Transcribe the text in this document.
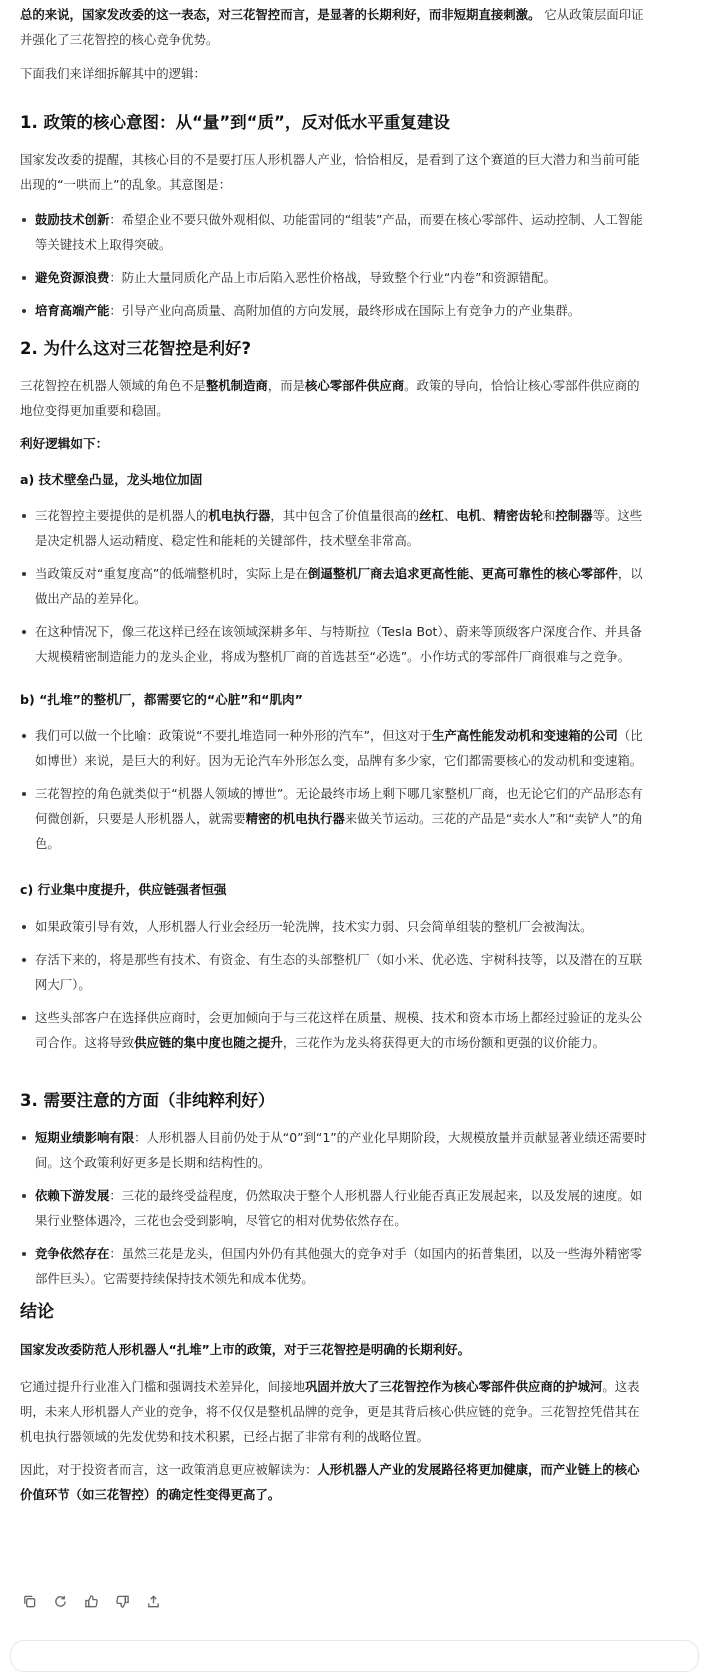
总的来说，国家发改委的这一表态，对三花智控而言，是显著的长期利好，而非短期直接刺激。 它从政策层面印证并强化了三花智控的核心竞争优势。

下面我们来详细拆解其中的逻辑：

1. 政策的核心意图：从“量”到“质”，反对低水平重复建设

国家发改委的提醒，其核心目的不是要打压人形机器人产业，恰恰相反，是看到了这个赛道的巨大潜力和当前可能出现的“一哄而上”的乱象。其意图是：

鼓励技术创新：希望企业不要只做外观相似、功能雷同的“组装”产品，而要在核心零部件、运动控制、人工智能等关键技术上取得突破。
避免资源浪费：防止大量同质化产品上市后陷入恶性价格战，导致整个行业“内卷”和资源错配。
培育高端产能：引导产业向高质量、高附加值的方向发展，最终形成在国际上有竞争力的产业集群。
2. 为什么这对三花智控是利好?

三花智控在机器人领域的角色不是整机制造商，而是核心零部件供应商。政策的导向，恰恰让核心零部件供应商的地位变得更加重要和稳固。

利好逻辑如下：

a) 技术壁垒凸显，龙头地位加固

三花智控主要提供的是机器人的机电执行器，其中包含了价值量很高的丝杠、电机、精密齿轮和控制器等。这些是决定机器人运动精度、稳定性和能耗的关键部件，技术壁垒非常高。
当政策反对“重复度高”的低端整机时，实际上是在倒逼整机厂商去追求更高性能、更高可靠性的核心零部件，以做出产品的差异化。
在这种情况下，像三花这样已经在该领域深耕多年、与特斯拉（Tesla Bot）、蔚来等顶级客户深度合作、并具备大规模精密制造能力的龙头企业，将成为整机厂商的首选甚至“必选”。小作坊式的零部件厂商很难与之竞争。

b) “扎堆”的整机厂，都需要它的“心脏”和“肌肉”

我们可以做一个比喻：政策说“不要扎堆造同一种外形的汽车”，但这对于生产高性能发动机和变速箱的公司（比如博世）来说，是巨大的利好。因为无论汽车外形怎么变，品牌有多少家，它们都需要核心的发动机和变速箱。
三花智控的角色就类似于“机器人领域的博世”。无论最终市场上剩下哪几家整机厂商，也无论它们的产品形态有何微创新，只要是人形机器人，就需要精密的机电执行器来做关节运动。三花的产品是“卖水人”和“卖铲人”的角色。

c) 行业集中度提升，供应链强者恒强

如果政策引导有效，人形机器人行业会经历一轮洗牌，技术实力弱、只会简单组装的整机厂会被淘汰。
存活下来的，将是那些有技术、有资金、有生态的头部整机厂（如小米、优必选、宇树科技等，以及潜在的互联网大厂）。
这些头部客户在选择供应商时，会更加倾向于与三花这样在质量、规模、技术和资本市场上都经过验证的龙头公司合作。这将导致供应链的集中度也随之提升，三花作为龙头将获得更大的市场份额和更强的议价能力。
3. 需要注意的方面（非纯粹利好）
短期业绩影响有限：人形机器人目前仍处于从“0”到“1”的产业化早期阶段，大规模放量并贡献显著业绩还需要时间。这个政策利好更多是长期和结构性的。
依赖下游发展：三花的最终受益程度，仍然取决于整个人形机器人行业能否真正发展起来，以及发展的速度。如果行业整体遇冷，三花也会受到影响，尽管它的相对优势依然存在。
竞争依然存在：虽然三花是龙头，但国内外仍有其他强大的竞争对手（如国内的拓普集团，以及一些海外精密零部件巨头）。它需要持续保持技术领先和成本优势。
结论

国家发改委防范人形机器人“扎堆”上市的政策，对于三花智控是明确的长期利好。

它通过提升行业准入门槛和强调技术差异化，间接地巩固并放大了三花智控作为核心零部件供应商的护城河。这表明，未来人形机器人产业的竞争，将不仅仅是整机品牌的竞争，更是其背后核心供应链的竞争。三花智控凭借其在机电执行器领域的先发优势和技术积累，已经占据了非常有利的战略位置。

因此，对于投资者而言，这一政策消息更应被解读为：人形机器人产业的发展路径将更加健康，而产业链上的核心价值环节（如三花智控）的确定性变得更高了。
